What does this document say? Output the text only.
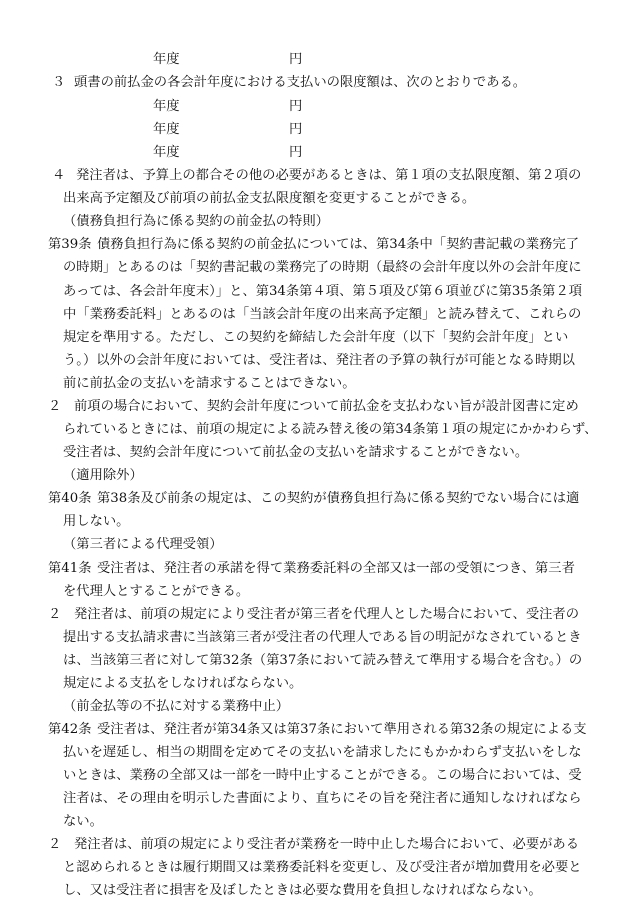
年度	円
３ 頭書の前払金の各会計年度における支払いの限度額は、次のとおりである。
年度	円
年度	円
年度	円
４ 発注者は、予算上の都合その他の必要があるときは、第１項の支払限度額、第２項の
出来高予定額及び前項の前払金支払限度額を変更することができる。
（債務負担行為に係る契約の前金払の特則）
第39条 債務負担行為に係る契約の前金払については、第34条中「契約書記載の業務完了
の時期」とあるのは「契約書記載の業務完了の時期（最終の会計年度以外の会計年度に
あっては、各会計年度末）」と、第34条第４項、第５項及び第６項並びに第35条第２項
中「業務委託料」とあるのは「当該会計年度の出来高予定額」と読み替えて、これらの
規定を準用する。ただし、この契約を締結した会計年度（以下「契約会計年度」とい
う。）以外の会計年度においては、受注者は、発注者の予算の執行が可能となる時期以
前に前払金の支払いを請求することはできない。
２ 前項の場合において、契約会計年度について前払金を支払わない旨が設計図書に定め
られているときには、前項の規定による読み替え後の第34条第１項の規定にかかわらず、
受注者は、契約会計年度について前払金の支払いを請求することができない。
（適用除外）
第40条 第38条及び前条の規定は、この契約が債務負担行為に係る契約でない場合には適
用しない。
（第三者による代理受領）
第41条 受注者は、発注者の承諾を得て業務委託料の全部又は一部の受領につき、第三者
を代理人とすることができる。
２ 発注者は、前項の規定により受注者が第三者を代理人とした場合において、受注者の
提出する支払請求書に当該第三者が受注者の代理人である旨の明記がなされているとき
は、当該第三者に対して第32条（第37条において読み替えて準用する場合を含む。）の
規定による支払をしなければならない。
（前金払等の不払に対する業務中止）
第42条 受注者は、発注者が第34条又は第37条において準用される第32条の規定による支
払いを遅延し、相当の期間を定めてその支払いを請求したにもかかわらず支払いをしな
いときは、業務の全部又は一部を一時中止することができる。この場合においては、受
注者は、その理由を明示した書面により、直ちにその旨を発注者に通知しなければなら
ない。
２ 発注者は、前項の規定により受注者が業務を一時中止した場合において、必要がある
と認められるときは履行期間又は業務委託料を変更し、及び受注者が増加費用を必要と
し、又は受注者に損害を及ぼしたときは必要な費用を負担しなければならない。
